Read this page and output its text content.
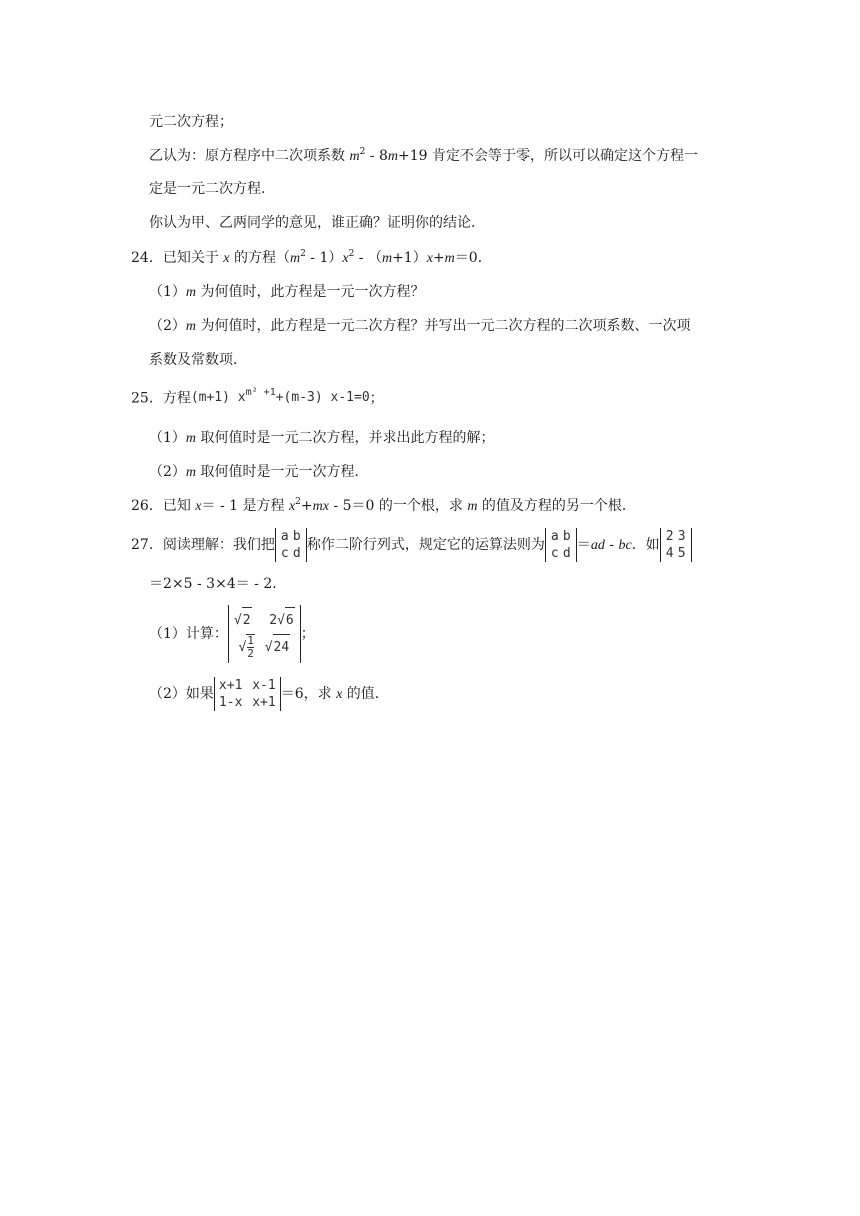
元二次方程；
乙认为：原方程序中二次项系数 $m^2 - 8m+19$ 肯定不会等于零，所以可以确定这个方程一
定是一元二次方程．
你认为甲、乙两同学的意见，谁正确？证明你的结论．
24．已知关于 x 的方程$(m^2 - 1)x^2 - (m+1)x+m=0$．
（1）m 为何值时，此方程是一元一次方程？
（2）m 为何值时，此方程是一元二次方程？并写出一元二次方程的二次项系数、一次项
系数及常数项．
25．方程(m+1) $x^{m^2 +1}+(m-3)$ x-1=0；
（1）m 取何值时是一元二次方程，并求出此方程的解；
（2）m 取何值时是一元一次方程．
26．已知 x＝ - 1 是方程 $x^2+mx - 5=0$ 的一个根，求 m 的值及方程的另一个根．
27．阅读理解：我们把
a b
c d
称作二阶行列式，规定它的运算法则为
a b
c d
＝ad - bc．如
2 3
4 5
＝2×5 - 3×4＝ - 2．
（1）计算：
√2 2√6
√ $\frac{1}{2} √24$
；
（2）如果
x+1 x-1
1-x x+1
＝6，求 x 的值．
